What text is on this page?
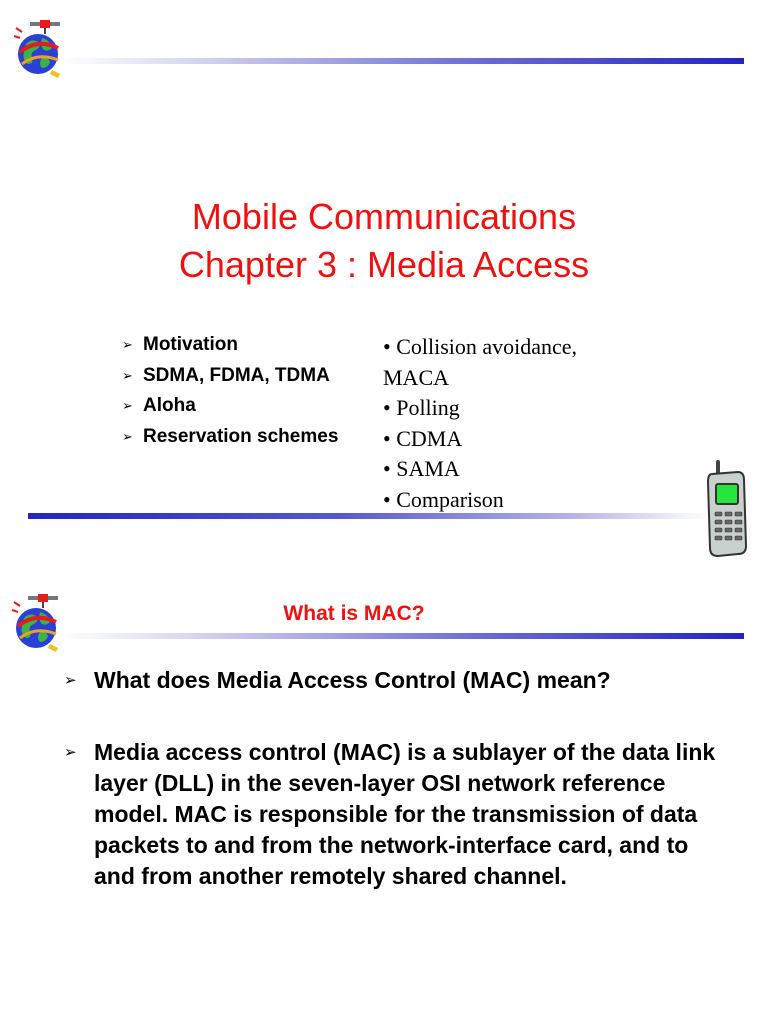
Mobile Communications
Chapter 3 : Media Access
➢ Motivation
➢ SDMA, FDMA, TDMA
➢ Aloha
➢ Reservation schemes
• Collision avoidance, MACA
• Polling
• CDMA
• SAMA
• Comparison
What is MAC?
➢ What does Media Access Control (MAC) mean?

➢ Media access control (MAC) is a sublayer of the data link layer (DLL) in the seven-layer OSI network reference model. MAC is responsible for the transmission of data packets to and from the network-interface card, and to and from another remotely shared channel.
